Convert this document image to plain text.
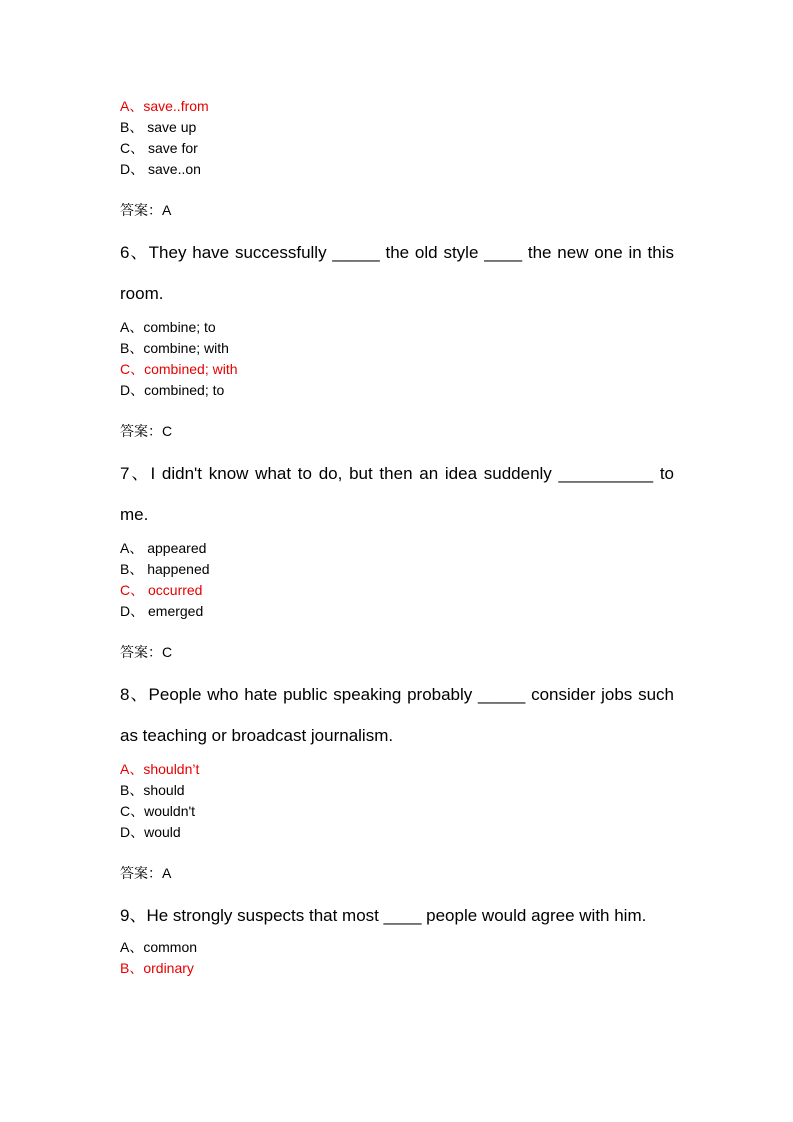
A、save..from
B、 save up
C、 save for
D、 save..on
答案：A
6、They have successfully _____ the old style ____ the new one in this room.
A、combine; to
B、combine; with
C、combined; with
D、combined; to
答案：C
7、I didn't know what to do, but then an idea suddenly __________ to me.
A、 appeared
B、 happened
C、 occurred
D、 emerged
答案：C
8、People who hate public speaking probably _____ consider jobs such as teaching or broadcast journalism.
A、shouldn’t
B、should
C、wouldn't
D、would
答案：A
9、He strongly suspects that most ____ people would agree with him.
A、common
B、ordinary
